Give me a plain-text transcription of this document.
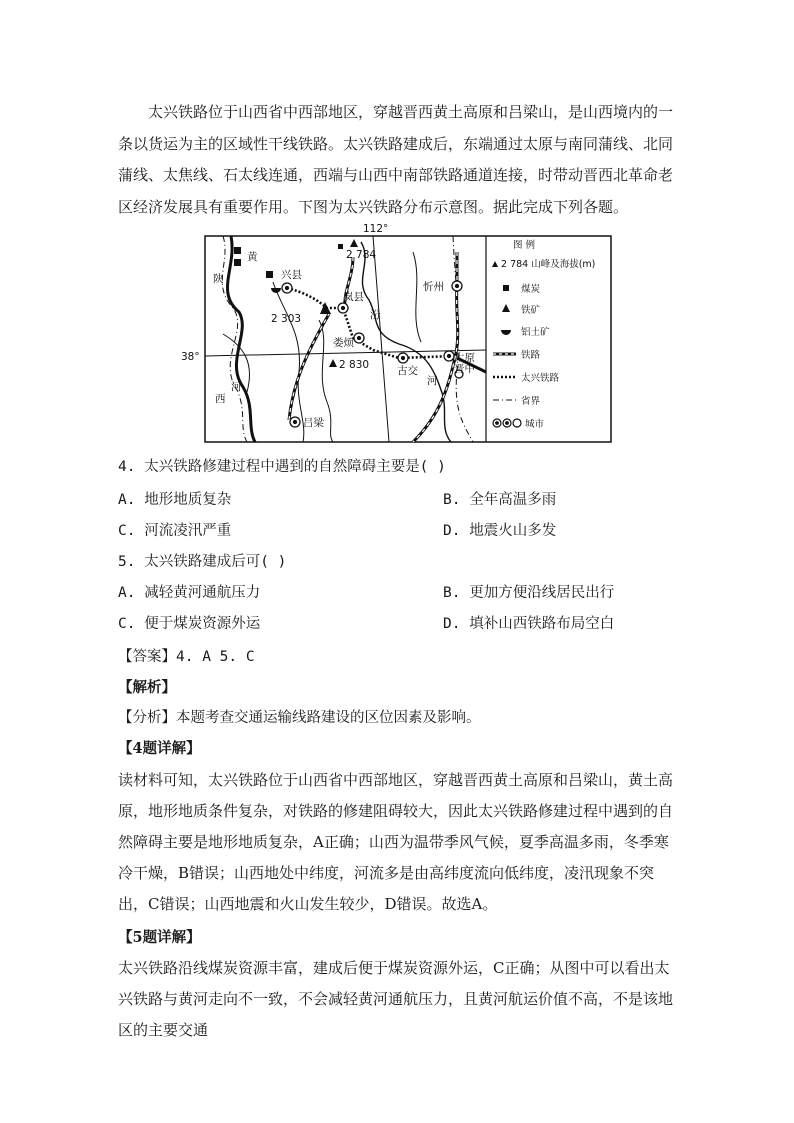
太兴铁路位于山西省中西部地区，穿越晋西黄土高原和吕梁山，是山西境内的一条以货运为主的区域性干线铁路。太兴铁路建成后，东端通过太原与南同蒲线、北同蒲线、太焦线、石太线连通，西端与山西中南部铁路通道连接，时带动晋西北革命老区经济发展具有重要作用。下图为太兴铁路分布示意图。据此完成下列各题。
112°
38°
黄
陕	兴县
岚县
汾
忻州
娄烦
古交
太原
晋中
河
西
河
吕梁
2 784
2 303
2 830
图 例
2 784 山峰及海拔(m)
煤炭
铁矿
铝土矿
铁路
太兴铁路
省界
城市
4. 太兴铁路修建过程中遇到的自然障碍主要是( )
A. 地形地质复杂	B. 全年高温多雨
C. 河流凌汛严重	D. 地震火山多发
5. 太兴铁路建成后可( )
A. 减轻黄河通航压力	B. 更加方便沿线居民出行
C. 便于煤炭资源外运	D. 填补山西铁路布局空白
【答案】4. A 5. C
【解析】
【分析】本题考查交通运输线路建设的区位因素及影响。
【4题详解】
读材料可知，太兴铁路位于山西省中西部地区，穿越晋西黄土高原和吕梁山，黄土高原，地形地质条件复杂，对铁路的修建阻碍较大，因此太兴铁路修建过程中遇到的自然障碍主要是地形地质复杂，A正确；山西为温带季风气候，夏季高温多雨，冬季寒冷干燥，B错误；山西地处中纬度，河流多是由高纬度流向低纬度，凌汛现象不突出，C错误；山西地震和火山发生较少，D错误。故选A。
【5题详解】
太兴铁路沿线煤炭资源丰富，建成后便于煤炭资源外运，C正确；从图中可以看出太兴铁路与黄河走向不一致，不会减轻黄河通航压力，且黄河航运价值不高，不是该地区的主要交通
